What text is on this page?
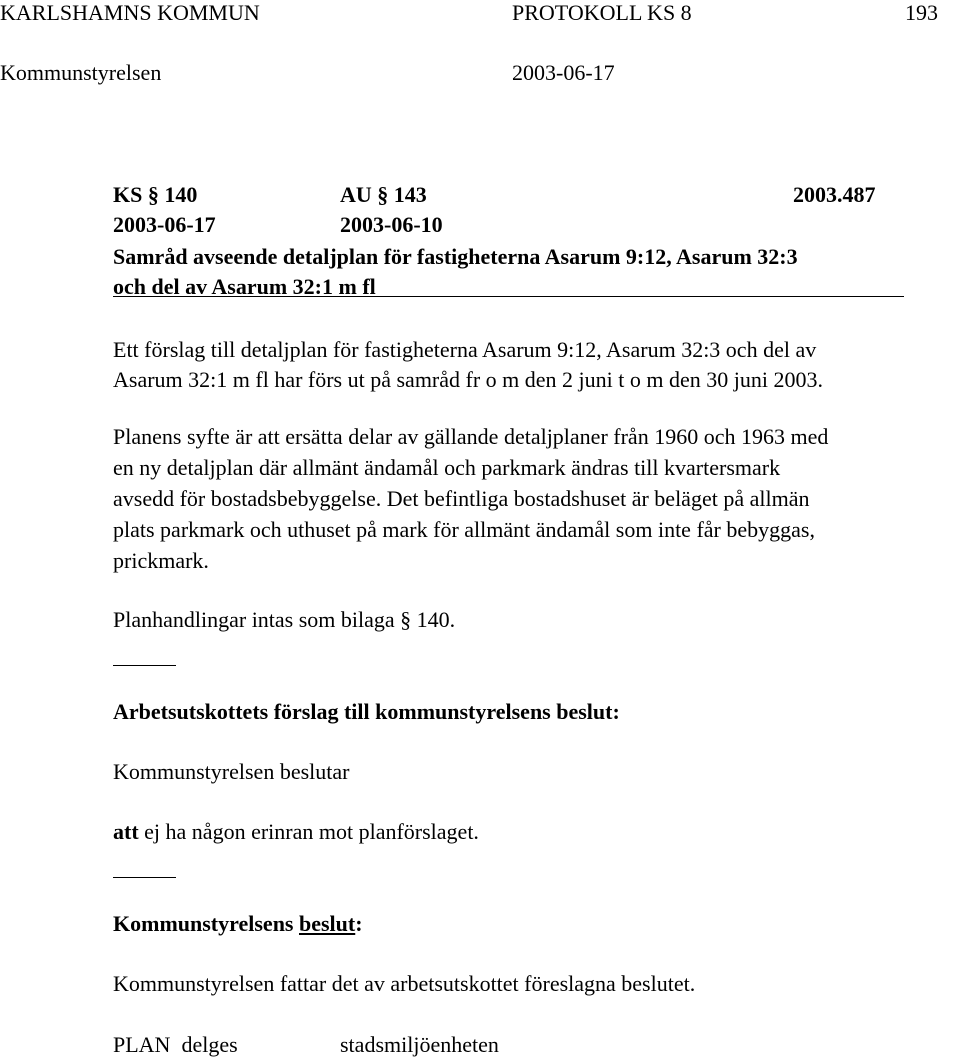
KARLSHAMNS KOMMUN	PROTOKOLL KS 8	193
Kommunstyrelsen	2003-06-17
KS § 140	AU § 143	2003.487
2003-06-17	2003-06-10
Samråd avseende detaljplan för fastigheterna Asarum 9:12, Asarum 32:3
och del av Asarum 32:1 m fl
Ett förslag till detaljplan för fastigheterna Asarum 9:12, Asarum 32:3 och del av
Asarum 32:1 m fl har förs ut på samråd fr o m den 2 juni t o m den 30 juni 2003.
Planens syfte är att ersätta delar av gällande detaljplaner från 1960 och 1963 med
en ny detaljplan där allmänt ändamål och parkmark ändras till kvartersmark
avsedd för bostadsbebyggelse. Det befintliga bostadshuset är beläget på allmän
plats parkmark och uthuset på mark för allmänt ändamål som inte får bebyggas,
prickmark.
Planhandlingar intas som bilaga § 140.
Arbetsutskottets förslag till kommunstyrelsens beslut:
Kommunstyrelsen beslutar
att ej ha någon erinran mot planförslaget.
Kommunstyrelsens beslut:
Kommunstyrelsen fattar det av arbetsutskottet föreslagna beslutet.
PLAN  delges	stadsmiljöenheten
